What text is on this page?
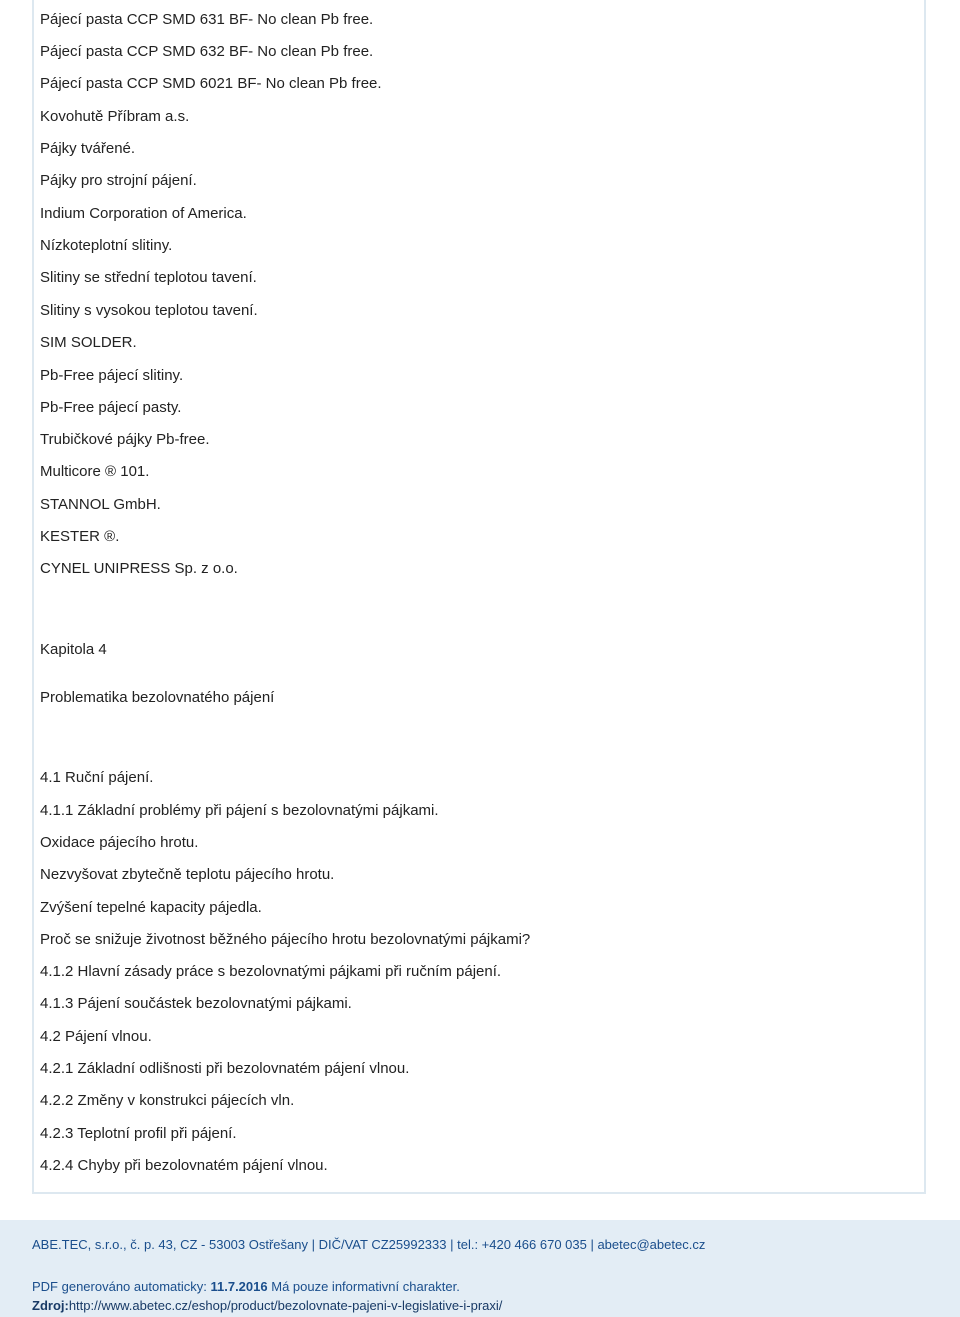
Pájecí pasta CCP SMD 631 BF- No clean Pb free.
Pájecí pasta CCP SMD 632 BF- No clean Pb free.
Pájecí pasta CCP SMD 6021 BF- No clean Pb free.
Kovohutě Příbram a.s.
Pájky tvářené.
Pájky pro strojní pájení.
Indium Corporation of America.
Nízkoteplotní slitiny.
Slitiny se střední teplotou tavení.
Slitiny s vysokou teplotou tavení.
SIM SOLDER.
Pb-Free pájecí slitiny.
Pb-Free pájecí pasty.
Trubičkové pájky Pb-free.
Multicore ® 101.
STANNOL GmbH.
KESTER ®.
CYNEL UNIPRESS Sp. z o.o.
Kapitola 4
Problematika bezolovnatého pájení
4.1 Ruční pájení.
4.1.1 Základní problémy při pájení s bezolovnatými pájkami.
Oxidace pájecího hrotu.
Nezvyšovat zbytečně teplotu pájecího hrotu.
Zvýšení tepelné kapacity pájedla.
Proč se snižuje životnost běžného pájecího hrotu bezolovnatými pájkami?
4.1.2 Hlavní zásady práce s bezolovnatými pájkami při ručním pájení.
4.1.3 Pájení součástek bezolovnatými pájkami.
4.2 Pájení vlnou.
4.2.1 Základní odlišnosti při bezolovnatém pájení vlnou.
4.2.2 Změny v konstrukci pájecích vln.
4.2.3 Teplotní profil při pájení.
4.2.4 Chyby při bezolovnatém pájení vlnou.
ABE.TEC, s.r.o., č. p. 43, CZ - 53003 Ostřešany | DIČ/VAT CZ25992333 | tel.: +420 466 670 035 | abetec@abetec.cz
PDF generováno automaticky: 11.7.2016 Má pouze informativní charakter.
Zdroj:http://www.abetec.cz/eshop/product/bezolovnate-pajeni-v-legislative-i-praxi/
